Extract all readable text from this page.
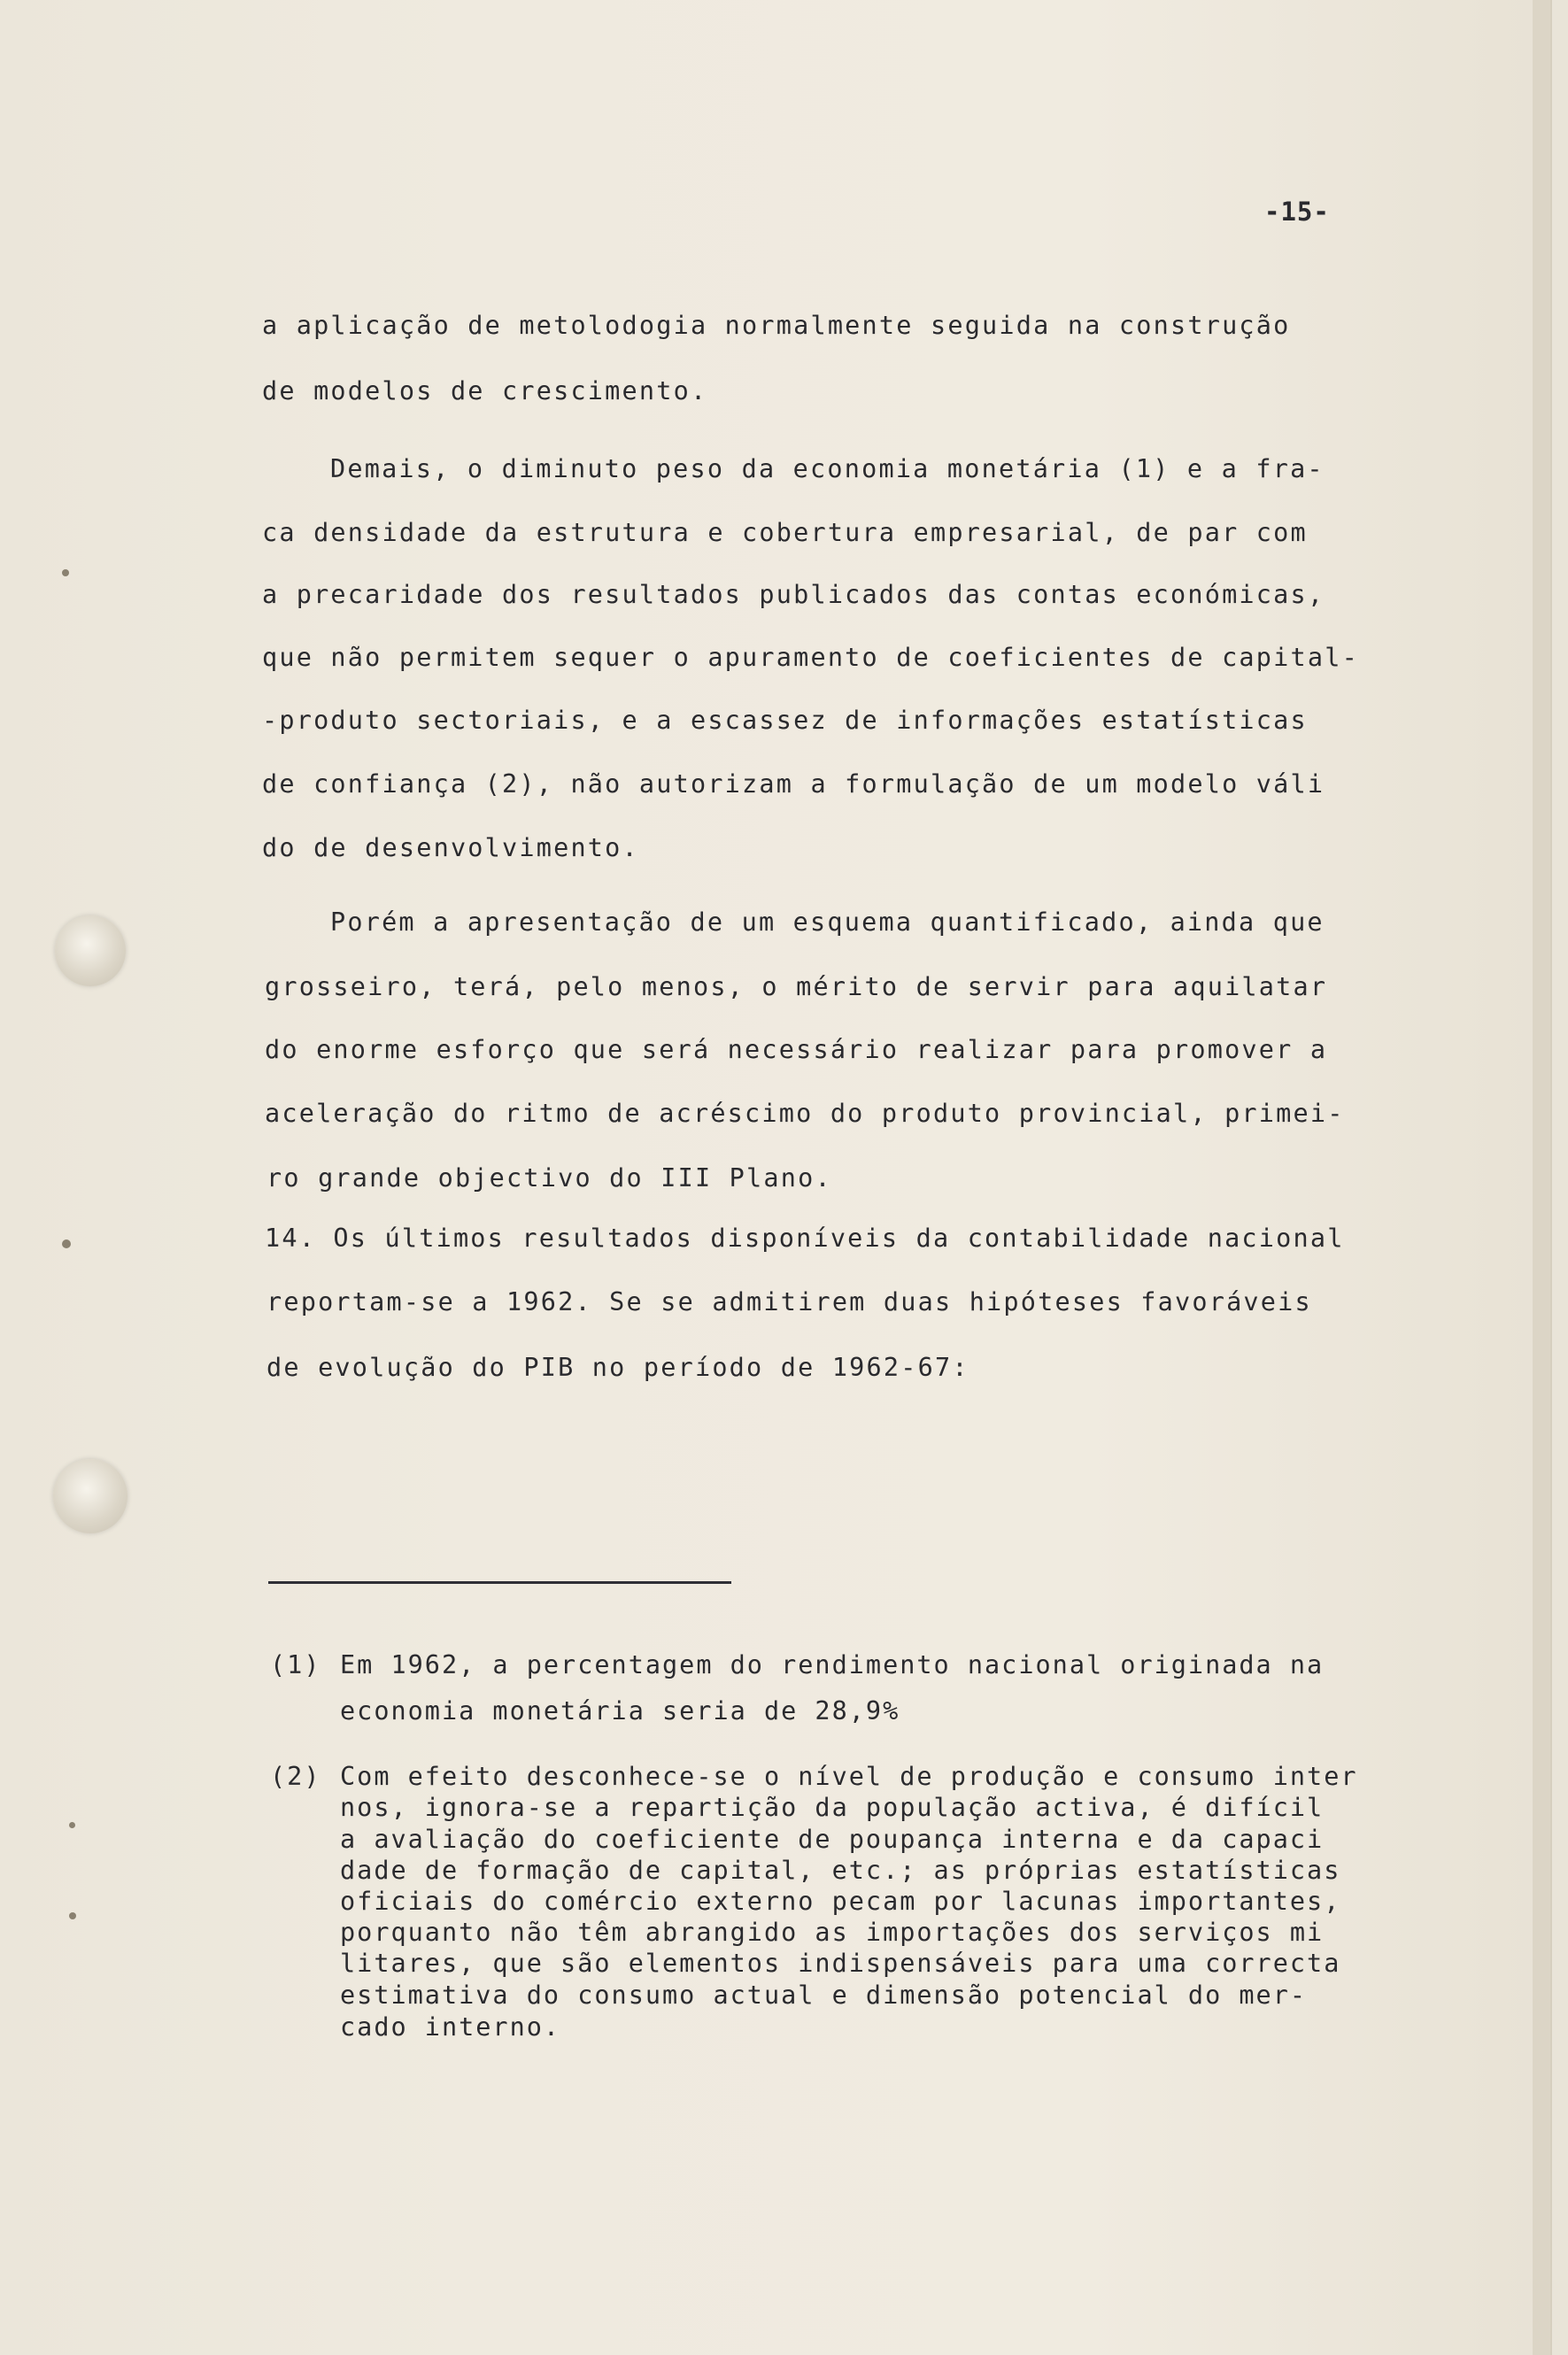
-15-
a aplicação de metolodogia normalmente seguida na construção
de modelos de crescimento.
Demais, o diminuto peso da economia monetária (1) e a fra-
ca densidade da estrutura e cobertura empresarial, de par com
a precaridade dos resultados publicados das contas económicas,
que não permitem sequer o apuramento de coeficientes de capital-
-produto sectoriais, e a escassez de informações estatísticas
de confiança (2), não autorizam a formulação de um modelo váli
do de desenvolvimento.
Porém a apresentação de um esquema quantificado, ainda que
grosseiro, terá, pelo menos, o mérito de servir para aquilatar
do enorme esforço que será necessário realizar para promover a
aceleração do ritmo de acréscimo do produto provincial, primei-
ro grande objectivo do III Plano.
14. Os últimos resultados disponíveis da contabilidade nacional
reportam-se a 1962. Se se admitirem duas hipóteses favoráveis
de evolução do PIB no período de 1962-67:
(1) Em 1962, a percentagem do rendimento nacional originada na
economia monetária seria de 28,9%
(2) Com efeito desconhece-se o nível de produção e consumo inter
nos, ignora-se a repartição da população activa, é difícil
a avaliação do coeficiente de poupança interna e da capaci
dade de formação de capital, etc.; as próprias estatísticas
oficiais do comércio externo pecam por lacunas importantes,
porquanto não têm abrangido as importações dos serviços mi
litares, que são elementos indispensáveis para uma correcta
estimativa do consumo actual e dimensão potencial do mer-
cado interno.
